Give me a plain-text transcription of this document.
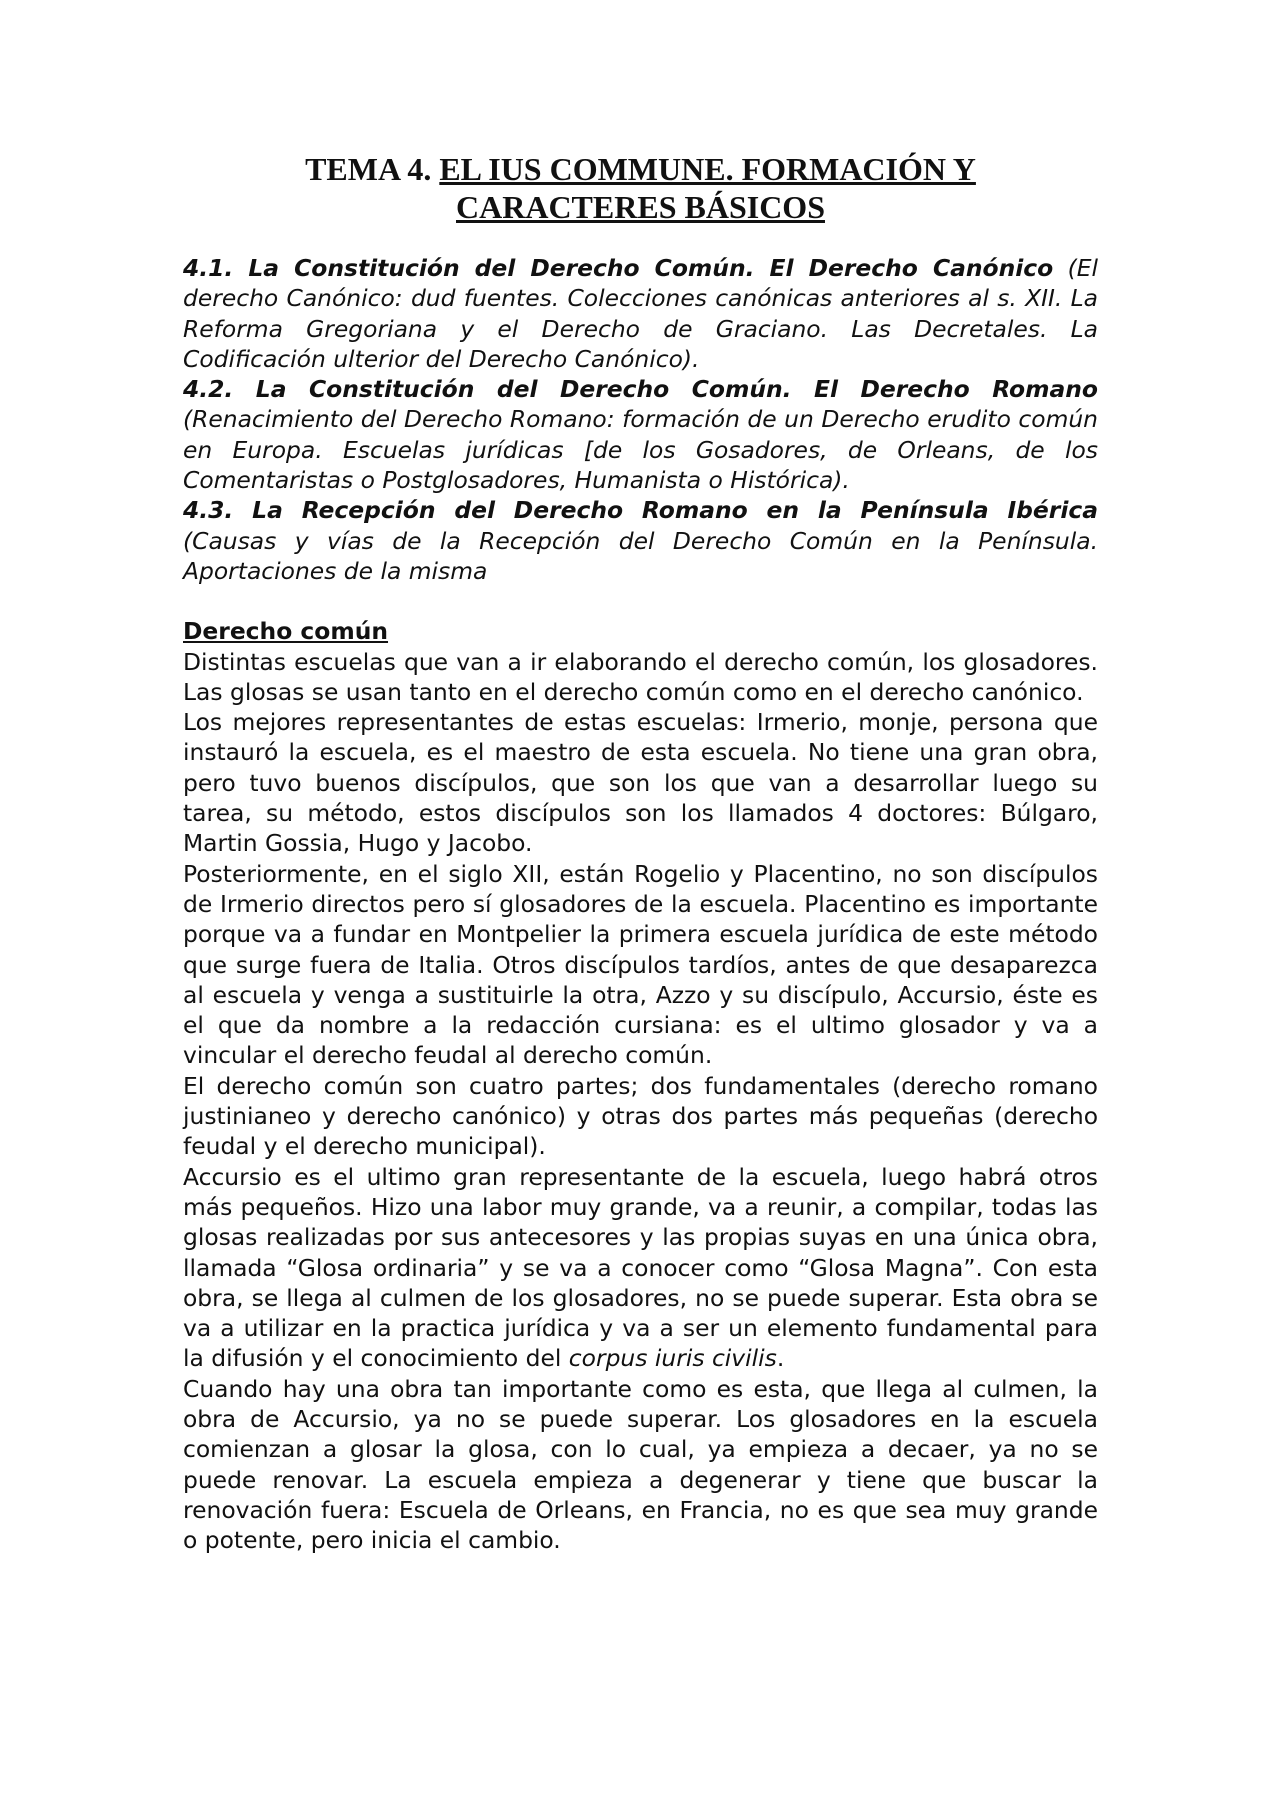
TEMA 4. EL IUS COMMUNE. FORMACIÓN Y
CARACTERES BÁSICOS

4.1. La Constitución del Derecho Común. El Derecho Canónico (El derecho Canónico: dud fuentes. Colecciones canónicas anteriores al s. XII. La Reforma Gregoriana y el Derecho de Graciano. Las Decretales. La Codificación ulterior del Derecho Canónico).

4.2. La Constitución del Derecho Común. El Derecho Romano (Renacimiento del Derecho Romano: formación de un Derecho erudito común en Europa. Escuelas jurídicas [de los Gosadores, de Orleans, de los Comentaristas o Postglosadores, Humanista o Histórica).

4.3. La Recepción del Derecho Romano en la Península Ibérica (Causas y vías de la Recepción del Derecho Común en la Península. Aportaciones de la misma

Derecho común

Distintas escuelas que van a ir elaborando el derecho común, los glosadores. Las glosas se usan tanto en el derecho común como en el derecho canónico.

Los mejores representantes de estas escuelas: Irmerio, monje, persona que instauró la escuela, es el maestro de esta escuela. No tiene una gran obra, pero tuvo buenos discípulos, que son los que van a desarrollar luego su tarea, su método, estos discípulos son los llamados 4 doctores: Búlgaro, Martin Gossia, Hugo y Jacobo.

Posteriormente, en el siglo XII, están Rogelio y Placentino, no son discípulos de Irmerio directos pero sí glosadores de la escuela. Placentino es importante porque va a fundar en Montpelier la primera escuela jurídica de este método que surge fuera de Italia. Otros discípulos tardíos, antes de que desaparezca al escuela y venga a sustituirle la otra, Azzo y su discípulo, Accursio, éste es el que da nombre a la redacción cursiana: es el ultimo glosador y va a vincular el derecho feudal al derecho común.

El derecho común son cuatro partes; dos fundamentales (derecho romano justinianeo y derecho canónico) y otras dos partes más pequeñas (derecho feudal y el derecho municipal).

Accursio es el ultimo gran representante de la escuela, luego habrá otros más pequeños. Hizo una labor muy grande, va a reunir, a compilar, todas las glosas realizadas por sus antecesores y las propias suyas en una única obra, llamada “Glosa ordinaria” y se va a conocer como “Glosa Magna”. Con esta obra, se llega al culmen de los glosadores, no se puede superar. Esta obra se va a utilizar en la practica jurídica y va a ser un elemento fundamental para la difusión y el conocimiento del corpus iuris civilis.

Cuando hay una obra tan importante como es esta, que llega al culmen, la obra de Accursio, ya no se puede superar. Los glosadores en la escuela comienzan a glosar la glosa, con lo cual, ya empieza a decaer, ya no se puede renovar. La escuela empieza a degenerar y tiene que buscar la renovación fuera: Escuela de Orleans, en Francia, no es que sea muy grande o potente, pero inicia el cambio.
